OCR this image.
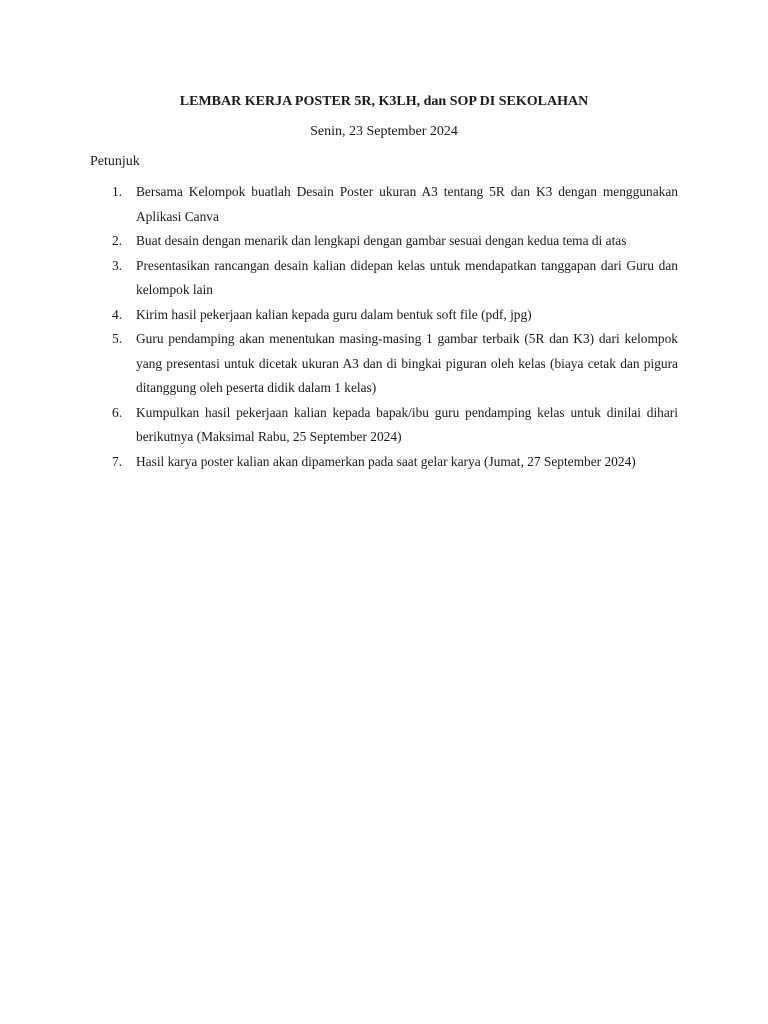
LEMBAR KERJA POSTER 5R, K3LH, dan SOP DI SEKOLAHAN

Senin, 23 September 2024

Petunjuk

1.	Bersama Kelompok buatlah Desain Poster ukuran A3 tentang 5R dan K3 dengan menggunakan Aplikasi Canva
2.	Buat desain dengan menarik dan lengkapi dengan gambar sesuai dengan kedua tema di atas
3.	Presentasikan rancangan desain kalian didepan kelas untuk mendapatkan tanggapan dari Guru dan kelompok lain
4.	Kirim hasil pekerjaan kalian kepada guru dalam bentuk soft file (pdf, jpg)
5.	Guru pendamping akan menentukan masing-masing 1 gambar terbaik (5R dan K3) dari kelompok yang presentasi untuk dicetak ukuran A3 dan di bingkai piguran oleh kelas (biaya cetak dan pigura ditanggung oleh peserta didik dalam 1 kelas)
6.	Kumpulkan hasil pekerjaan kalian kepada bapak/ibu guru pendamping kelas untuk dinilai dihari berikutnya (Maksimal Rabu, 25 September 2024)
7.	Hasil karya poster kalian akan dipamerkan pada saat gelar karya (Jumat, 27 September 2024)
